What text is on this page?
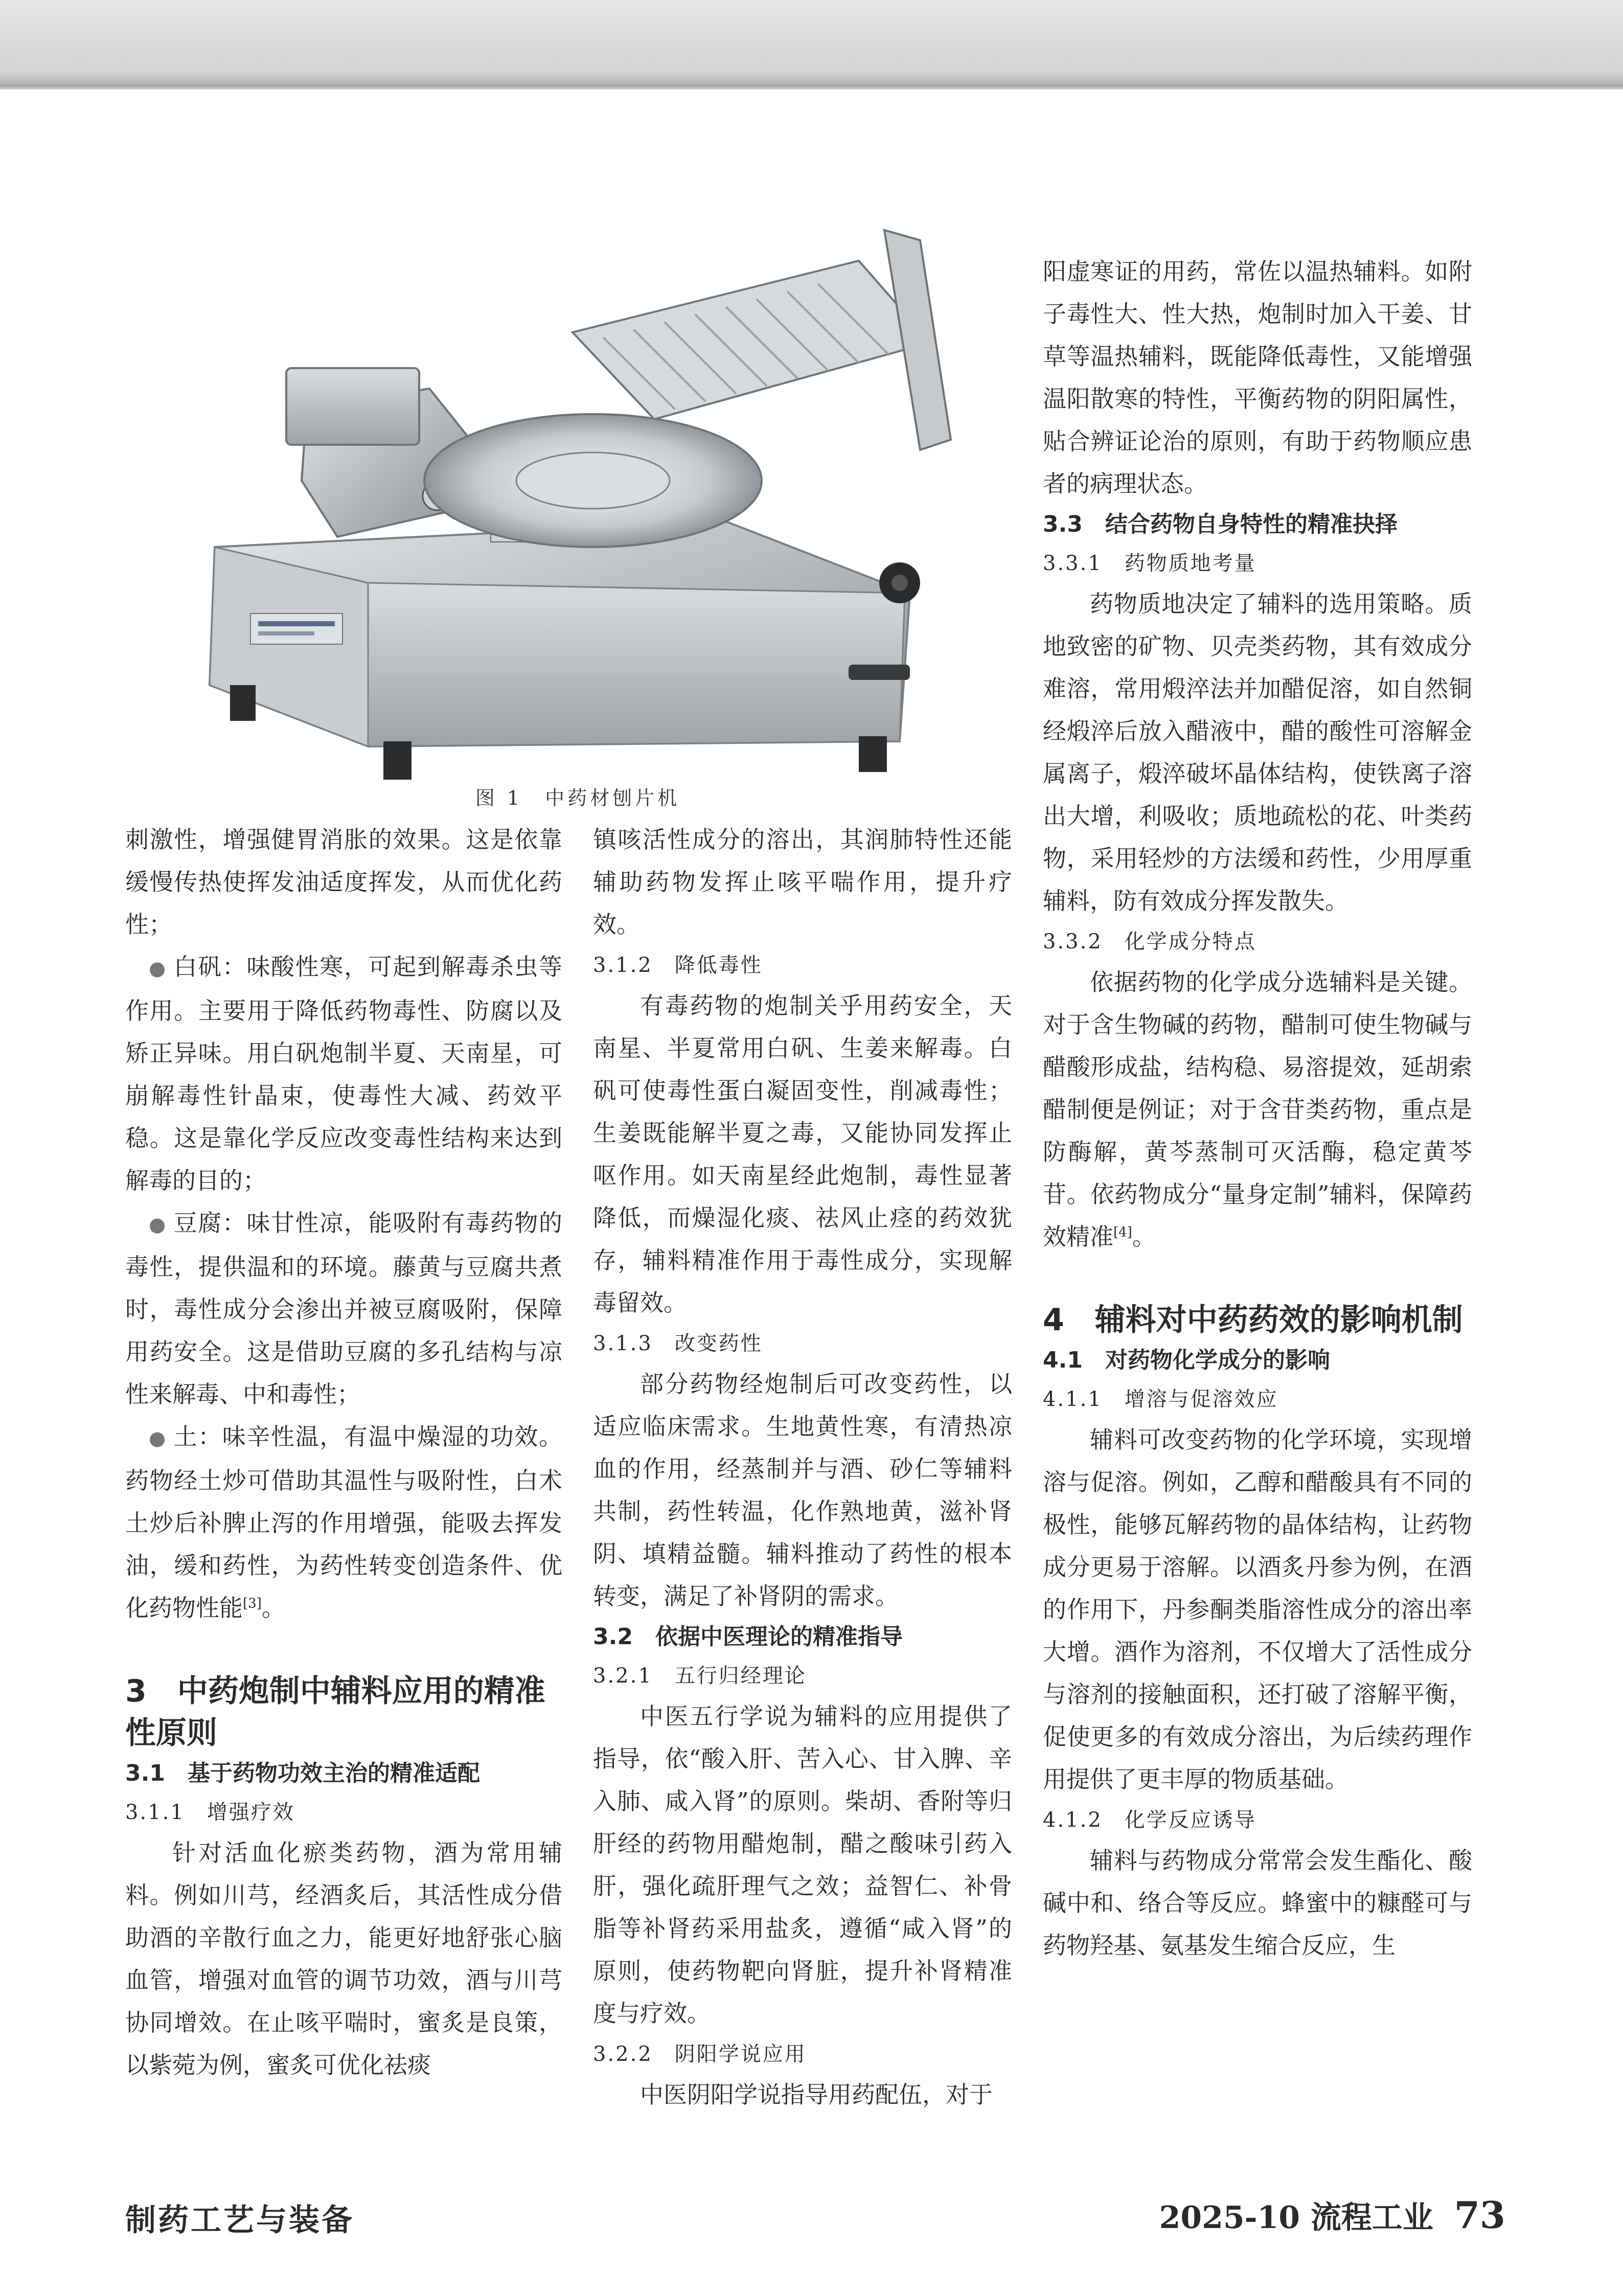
图 1　中药材刨片机

刺激性，增强健胃消胀的效果。这是依靠缓慢传热使挥发油适度挥发，从而优化药性；

● 白矾：味酸性寒，可起到解毒杀虫等作用。主要用于降低药物毒性、防腐以及矫正异味。用白矾炮制半夏、天南星，可崩解毒性针晶束，使毒性大减、药效平稳。这是靠化学反应改变毒性结构来达到解毒的目的；

● 豆腐：味甘性凉，能吸附有毒药物的毒性，提供温和的环境。藤黄与豆腐共煮时，毒性成分会渗出并被豆腐吸附，保障用药安全。这是借助豆腐的多孔结构与凉性来解毒、中和毒性；

● 土：味辛性温，有温中燥湿的功效。药物经土炒可借助其温性与吸附性，白术土炒后补脾止泻的作用增强，能吸去挥发油，缓和药性，为药性转变创造条件、优化药物性能[3]。

3　中药炮制中辅料应用的精准性原则
3.1　基于药物功效主治的精准适配
3.1.1　增强疗效

针对活血化瘀类药物，酒为常用辅料。例如川芎，经酒炙后，其活性成分借助酒的辛散行血之力，能更好地舒张心脑血管，增强对血管的调节功效，酒与川芎协同增效。在止咳平喘时，蜜炙是良策，以紫菀为例，蜜炙可优化祛痰

镇咳活性成分的溶出，其润肺特性还能辅助药物发挥止咳平喘作用，提升疗效。

3.1.2　降低毒性

有毒药物的炮制关乎用药安全，天南星、半夏常用白矾、生姜来解毒。白矾可使毒性蛋白凝固变性，削减毒性；生姜既能解半夏之毒，又能协同发挥止呕作用。如天南星经此炮制，毒性显著降低，而燥湿化痰、祛风止痉的药效犹存，辅料精准作用于毒性成分，实现解毒留效。

3.1.3　改变药性

部分药物经炮制后可改变药性，以适应临床需求。生地黄性寒，有清热凉血的作用，经蒸制并与酒、砂仁等辅料共制，药性转温，化作熟地黄，滋补肾阴、填精益髓。辅料推动了药性的根本转变，满足了补肾阴的需求。

3.2　依据中医理论的精准指导
3.2.1　五行归经理论

中医五行学说为辅料的应用提供了指导，依“酸入肝、苦入心、甘入脾、辛入肺、咸入肾”的原则。柴胡、香附等归肝经的药物用醋炮制，醋之酸味引药入肝，强化疏肝理气之效；益智仁、补骨脂等补肾药采用盐炙，遵循“咸入肾”的原则，使药物靶向肾脏，提升补肾精准度与疗效。

3.2.2　阴阳学说应用

中医阴阳学说指导用药配伍，对于

阳虚寒证的用药，常佐以温热辅料。如附子毒性大、性大热，炮制时加入干姜、甘草等温热辅料，既能降低毒性，又能增强温阳散寒的特性，平衡药物的阴阳属性，贴合辨证论治的原则，有助于药物顺应患者的病理状态。

3.3　结合药物自身特性的精准抉择
3.3.1　药物质地考量

药物质地决定了辅料的选用策略。质地致密的矿物、贝壳类药物，其有效成分难溶，常用煅淬法并加醋促溶，如自然铜经煅淬后放入醋液中，醋的酸性可溶解金属离子，煅淬破坏晶体结构，使铁离子溶出大增，利吸收；质地疏松的花、叶类药物，采用轻炒的方法缓和药性，少用厚重辅料，防有效成分挥发散失。

3.3.2　化学成分特点

依据药物的化学成分选辅料是关键。对于含生物碱的药物，醋制可使生物碱与醋酸形成盐，结构稳、易溶提效，延胡索醋制便是例证；对于含苷类药物，重点是防酶解，黄芩蒸制可灭活酶，稳定黄芩苷。依药物成分“量身定制”辅料，保障药效精准[4]。

4　辅料对中药药效的影响机制
4.1　对药物化学成分的影响
4.1.1　增溶与促溶效应

辅料可改变药物的化学环境，实现增溶与促溶。例如，乙醇和醋酸具有不同的极性，能够瓦解药物的晶体结构，让药物成分更易于溶解。以酒炙丹参为例，在酒的作用下，丹参酮类脂溶性成分的溶出率大增。酒作为溶剂，不仅增大了活性成分与溶剂的接触面积，还打破了溶解平衡，促使更多的有效成分溶出，为后续药理作用提供了更丰厚的物质基础。

4.1.2　化学反应诱导

辅料与药物成分常常会发生酯化、酸碱中和、络合等反应。蜂蜜中的糠醛可与药物羟基、氨基发生缩合反应，生

制药工艺与装备	2025-10 流程工业 73
